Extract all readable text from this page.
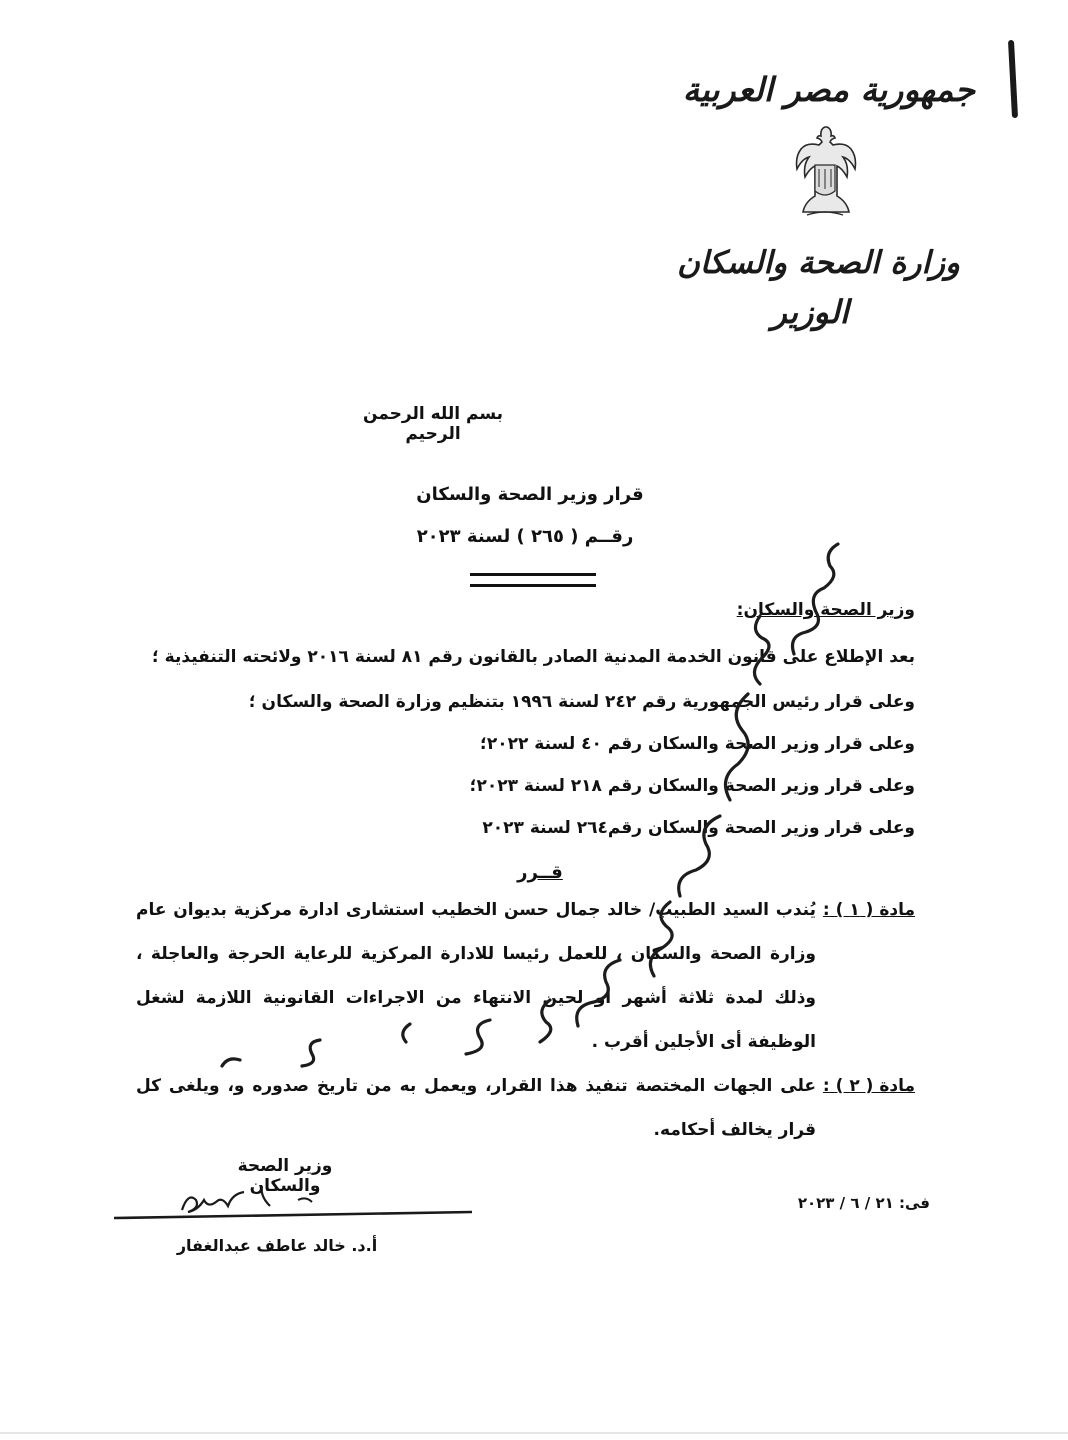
جمهورية مصر العربية
وزارة الصحة والسكان
الوزير
بسم الله الرحمن الرحيم
قرار وزير الصحة والسكان
رقــم ( ٢٦٥ ) لسنة ٢٠٢٣
وزير الصحة والسكان:
بعد الإطلاع على قانون الخدمة المدنية الصادر بالقانون رقم ٨١ لسنة ٢٠١٦ ولائحته التنفيذية ؛
وعلى قرار رئيس الجمهورية رقم ٢٤٢ لسنة ١٩٩٦ بتنظيم وزارة الصحة والسكان ؛
وعلى قرار وزير الصحة والسكان رقم ٤٠ لسنة ٢٠٢٢؛
وعلى قرار وزير الصحة والسكان رقم ٢١٨ لسنة ٢٠٢٣؛
وعلى قرار وزير الصحة والسكان رقم٢٦٤ لسنة ٢٠٢٣
قــرر
مادة ( ١ ) :
يُندب السيد الطبيب/ خالد جمال حسن الخطيب استشارى ادارة مركزية بديوان عام وزارة الصحة والسكان ، للعمل رئيسا للادارة المركزية للرعاية الحرجة والعاجلة ، وذلك لمدة ثلاثة أشهر أو لحين الانتهاء من الاجراءات القانونية اللازمة لشغل الوظيفة أى الأجلين أقرب .
مادة ( ٢ ) :
على الجهات المختصة تنفيذ هذا القرار، ويعمل به من تاريخ صدوره و، ويلغى كل قرار يخالف أحكامه.
وزير الصحة والسكان
أ.د. خالد عاطف عبدالغفار
فى: ٢١ / ٦ / ٢٠٢٣
مديرية الشئون الصحية بالقليوبية
